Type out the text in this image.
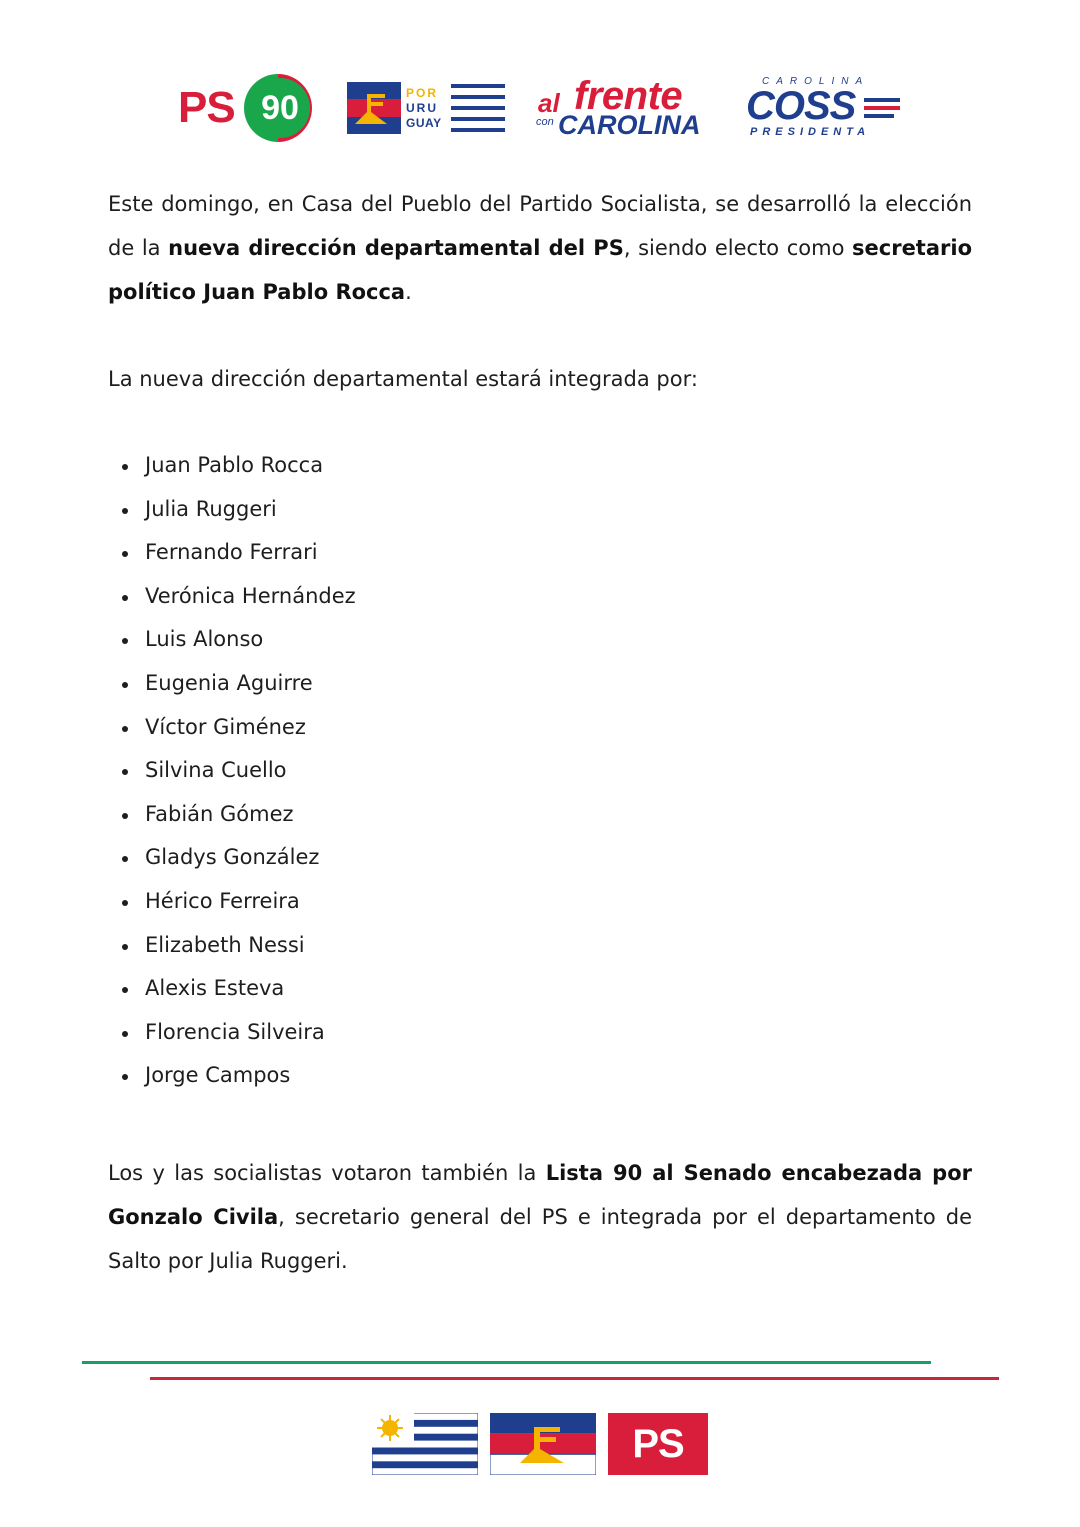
PS 90	POR
URU
GUAY
al frente
con CAROLINA
CAROLINA
COSS
PRESIDENTA

Este domingo, en Casa del Pueblo del Partido Socialista, se desarrolló la elección de la nueva dirección departamental del PS, siendo electo como secretario político Juan Pablo Rocca.

La nueva dirección departamental estará integrada por:

Juan Pablo Rocca
Julia Ruggeri
Fernando Ferrari
Verónica Hernández
Luis Alonso
Eugenia Aguirre
Víctor Giménez
Silvina Cuello
Fabián Gómez
Gladys González
Hérico Ferreira
Elizabeth Nessi
Alexis Esteva
Florencia Silveira
Jorge Campos

Los y las socialistas votaron también la Lista 90 al Senado encabezada por Gonzalo Civila, secretario general del PS e integrada por el departamento de Salto por Julia Ruggeri.

PS
